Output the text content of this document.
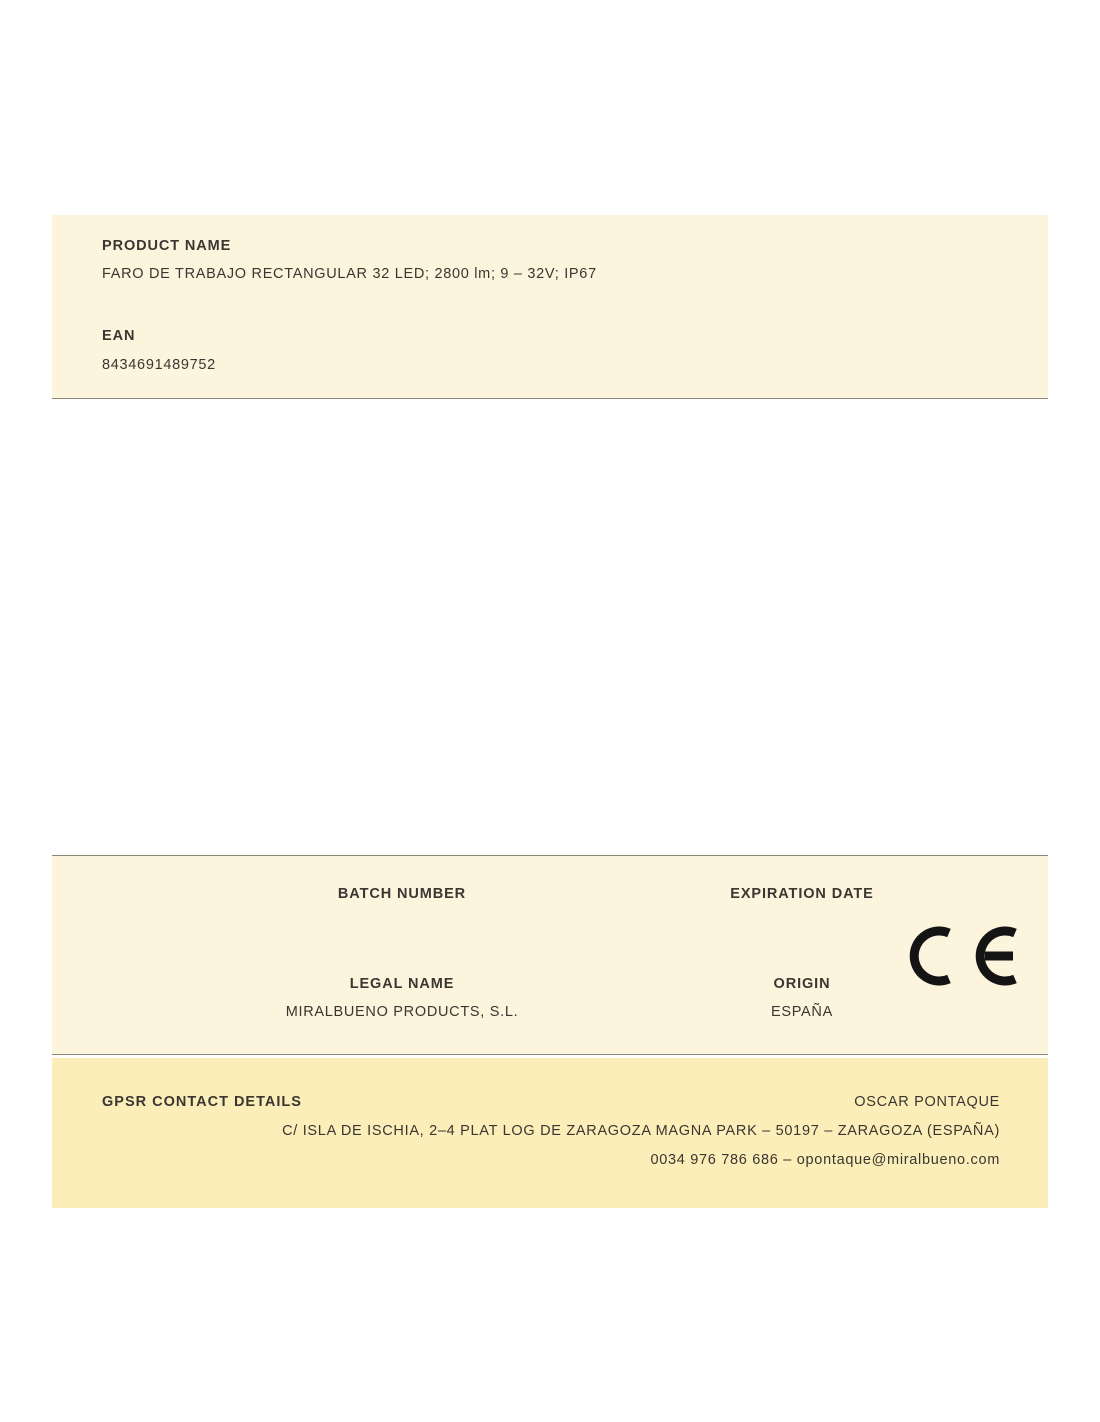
PRODUCT NAME
FARO DE TRABAJO RECTANGULAR 32 LED; 2800 lm; 9 – 32V; IP67
EAN
8434691489752
BATCH NUMBER	EXPIRATION DATE
LEGAL NAME
MIRALBUENO PRODUCTS, S.L.
ORIGIN
ESPAÑA
GPSR CONTACT DETAILS	OSCAR PONTAQUE
C/ ISLA DE ISCHIA, 2–4 PLAT LOG DE ZARAGOZA MAGNA PARK – 50197 – ZARAGOZA (ESPAÑA)
0034 976 786 686 – opontaque@miralbueno.com
